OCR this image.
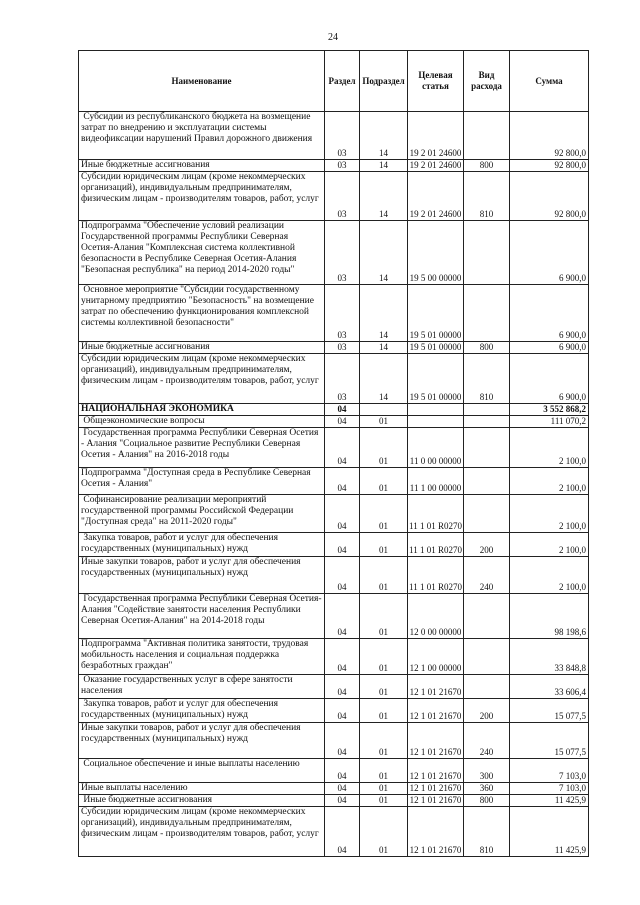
24
Наименование	Раздел	Подраздел	Целевая статья	Вид расхода	Сумма
Субсидии из республиканского бюджета на возмещение затрат по внедрению и эксплуатации системы видеофиксации нарушений Правил дорожного движения	03	14	19 2 01 24600		92 800,0
Иные бюджетные ассигнования	03	14	19 2 01 24600	800	92 800,0
Субсидии юридическим лицам (кроме некоммерческих организаций), индивидуальным предпринимателям, физическим лицам - производителям товаров, работ, услуг	03	14	19 2 01 24600	810	92 800,0
Подпрограмма "Обеспечение условий реализации Государственной программы Республики Северная Осетия-Алания "Комплексная система коллективной безопасности в Республике Северная Осетия-Алания "Безопасная республика" на период 2014-2020 годы"	03	14	19 5 00 00000		6 900,0
Основное мероприятие "Субсидии государственному унитарному предприятию "Безопасность" на возмещение затрат по обеспечению функционирования комплексной системы коллективной безопасности"	03	14	19 5 01 00000		6 900,0
Иные бюджетные ассигнования	03	14	19 5 01 00000	800	6 900,0
Субсидии юридическим лицам (кроме некоммерческих организаций), индивидуальным предпринимателям, физическим лицам - производителям товаров, работ, услуг	03	14	19 5 01 00000	810	6 900,0
НАЦИОНАЛЬНАЯ ЭКОНОМИКА	04				3 552 868,2
Общеэкономические вопросы	04	01			111 070,2
Государственная программа Республики Северная Осетия - Алания "Социальное развитие Республики Северная Осетия - Алания" на 2016-2018 годы	04	01	11 0 00 00000		2 100,0
Подпрограмма "Доступная среда в Республике Северная Осетия - Алания"	04	01	11 1 00 00000		2 100,0
Софинансирование реализации мероприятий государственной программы Российской Федерации "Доступная среда" на 2011-2020 годы"	04	01	11 1 01 R0270		2 100,0
Закупка товаров, работ и услуг для обеспечения государственных (муниципальных) нужд	04	01	11 1 01 R0270	200	2 100,0
Иные закупки товаров, работ и услуг для обеспечения государственных (муниципальных) нужд	04	01	11 1 01 R0270	240	2 100,0
Государственная программа Республики Северная Осетия-Алания "Содействие занятости населения Республики Северная Осетия-Алания" на 2014-2018 годы	04	01	12 0 00 00000		98 198,6
Подпрограмма "Активная политика занятости, трудовая мобильность населения и социальная поддержка безработных граждан"	04	01	12 1 00 00000		33 848,8
Оказание государственных услуг в сфере занятости населения	04	01	12 1 01 21670		33 606,4
Закупка товаров, работ и услуг для обеспечения государственных (муниципальных) нужд	04	01	12 1 01 21670	200	15 077,5
Иные закупки товаров, работ и услуг для обеспечения государственных (муниципальных) нужд	04	01	12 1 01 21670	240	15 077,5
Социальное обеспечение и иные выплаты населению	04	01	12 1 01 21670	300	7 103,0
Иные выплаты населению	04	01	12 1 01 21670	360	7 103,0
Иные бюджетные ассигнования	04	01	12 1 01 21670	800	11 425,9
Субсидии юридическим лицам (кроме некоммерческих организаций), индивидуальным предпринимателям, физическим лицам - производителям товаров, работ, услуг	04	01	12 1 01 21670	810	11 425,9
